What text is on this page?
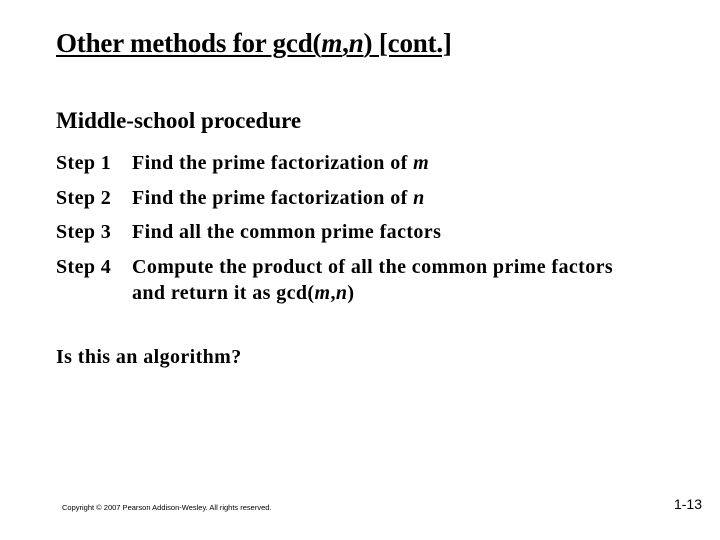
Other methods for gcd(m,n) [cont.]
Middle-school procedure
Step 1	Find the prime factorization of m
Step 2	Find the prime factorization of n
Step 3	Find all the common prime factors
Step 4	Compute the product of all the common prime factors
and return it as gcd(m,n)
Is this an algorithm?
Copyright © 2007 Pearson Addison-Wesley. All rights reserved.	1-13
